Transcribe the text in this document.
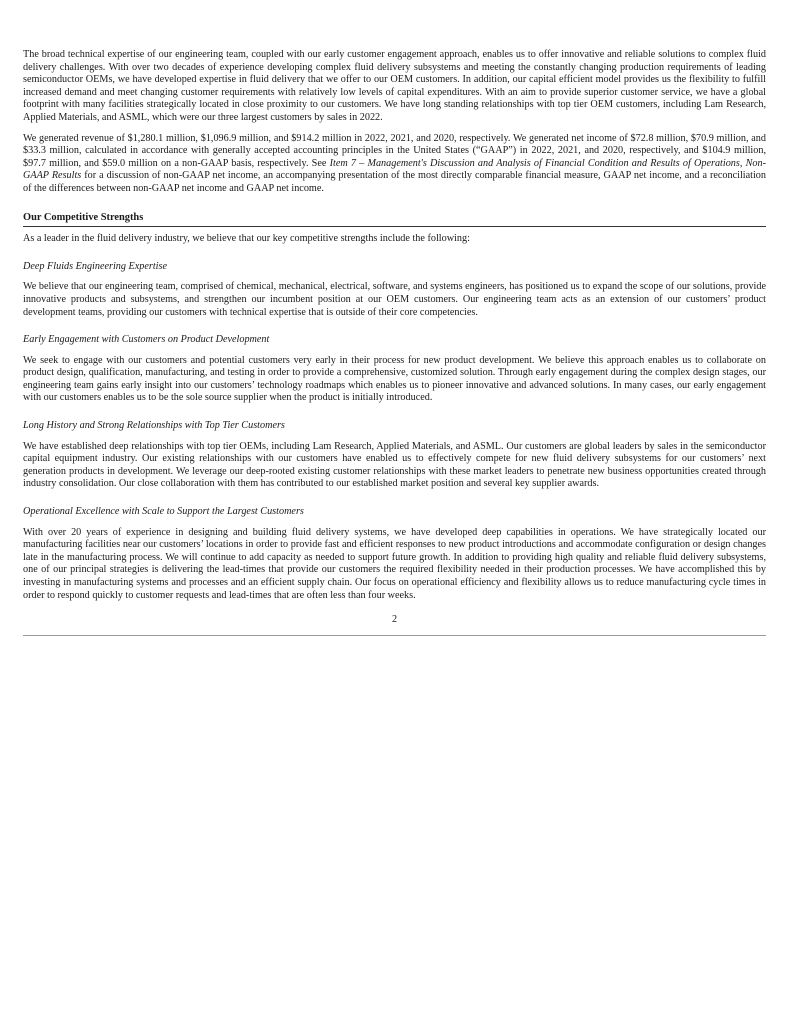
The broad technical expertise of our engineering team, coupled with our early customer engagement approach, enables us to offer innovative and reliable solutions to complex fluid delivery challenges. With over two decades of experience developing complex fluid delivery subsystems and meeting the constantly changing production requirements of leading semiconductor OEMs, we have developed expertise in fluid delivery that we offer to our OEM customers. In addition, our capital efficient model provides us the flexibility to fulfill increased demand and meet changing customer requirements with relatively low levels of capital expenditures. With an aim to provide superior customer service, we have a global footprint with many facilities strategically located in close proximity to our customers. We have long standing relationships with top tier OEM customers, including Lam Research, Applied Materials, and ASML, which were our three largest customers by sales in 2022.

We generated revenue of $1,280.1 million, $1,096.9 million, and $914.2 million in 2022, 2021, and 2020, respectively. We generated net income of $72.8 million, $70.9 million, and $33.3 million, calculated in accordance with generally accepted accounting principles in the United States (“GAAP”) in 2022, 2021, and 2020, respectively, and $104.9 million, $97.7 million, and $59.0 million on a non-GAAP basis, respectively. See Item 7 – Management's Discussion and Analysis of Financial Condition and Results of Operations, Non-GAAP Results for a discussion of non-GAAP net income, an accompanying presentation of the most directly comparable financial measure, GAAP net income, and a reconciliation of the differences between non-GAAP net income and GAAP net income.

Our Competitive Strengths

As a leader in the fluid delivery industry, we believe that our key competitive strengths include the following:

Deep Fluids Engineering Expertise

We believe that our engineering team, comprised of chemical, mechanical, electrical, software, and systems engineers, has positioned us to expand the scope of our solutions, provide innovative products and subsystems, and strengthen our incumbent position at our OEM customers. Our engineering team acts as an extension of our customers’ product development teams, providing our customers with technical expertise that is outside of their core competencies.

Early Engagement with Customers on Product Development

We seek to engage with our customers and potential customers very early in their process for new product development. We believe this approach enables us to collaborate on product design, qualification, manufacturing, and testing in order to provide a comprehensive, customized solution. Through early engagement during the complex design stages, our engineering team gains early insight into our customers’ technology roadmaps which enables us to pioneer innovative and advanced solutions. In many cases, our early engagement with our customers enables us to be the sole source supplier when the product is initially introduced.

Long History and Strong Relationships with Top Tier Customers

We have established deep relationships with top tier OEMs, including Lam Research, Applied Materials, and ASML. Our customers are global leaders by sales in the semiconductor capital equipment industry. Our existing relationships with our customers have enabled us to effectively compete for new fluid delivery subsystems for our customers’ next generation products in development. We leverage our deep-rooted existing customer relationships with these market leaders to penetrate new business opportunities created through industry consolidation. Our close collaboration with them has contributed to our established market position and several key supplier awards.

Operational Excellence with Scale to Support the Largest Customers

With over 20 years of experience in designing and building fluid delivery systems, we have developed deep capabilities in operations. We have strategically located our manufacturing facilities near our customers’ locations in order to provide fast and efficient responses to new product introductions and accommodate configuration or design changes late in the manufacturing process. We will continue to add capacity as needed to support future growth. In addition to providing high quality and reliable fluid delivery subsystems, one of our principal strategies is delivering the lead-times that provide our customers the required flexibility needed in their production processes. We have accomplished this by investing in manufacturing systems and processes and an efficient supply chain. Our focus on operational efficiency and flexibility allows us to reduce manufacturing cycle times in order to respond quickly to customer requests and lead-times that are often less than four weeks.

2
